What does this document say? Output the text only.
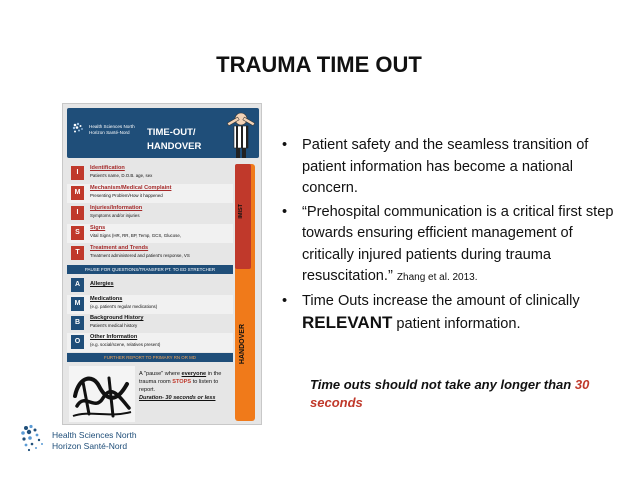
TRAUMA TIME OUT
Health Sciences North
Horizon Santé-Nord	TIME-OUT/
HANDOVER
HANDOVER
IMIST
I
Identification
Patient's name, D.O.B. age, sex
M
Mechanism/Medical Complaint
Presenting Problem/How it happened
I
Injuries/Information
Symptoms and/or injuries
S
Signs
Vital Signs (HR, RR, BP, Temp, GCS, Glucose,
T
Treatment and Trends
Treatment administered and patient's response, VS
PAUSE FOR QUESTIONS/TRANSFER PT. TO ED STRETCHER
A	Allergies
M
Medications
(e.g. patient's regular medications)
B
Background History
Patient's medical history
O
Other Information
(e.g. social/scene, relatives present)
FURTHER REPORT TO PRIMARY RN OR MD
A "pause" where everyone in the trauma room STOPS to listen to report.
Duration- 30 seconds or less
• Patient safety and the seamless transition of patient information has become a national concern.
• “Prehospital communication is a critical first step towards ensuring efficient management of critically injured patients during trauma resuscitation.” Zhang et al. 2013.
• Time Outs increase the amount of clinically RELEVANT patient information.
Time outs should not take any longer than 30 seconds
Health Sciences North
Horizon Santé-Nord
